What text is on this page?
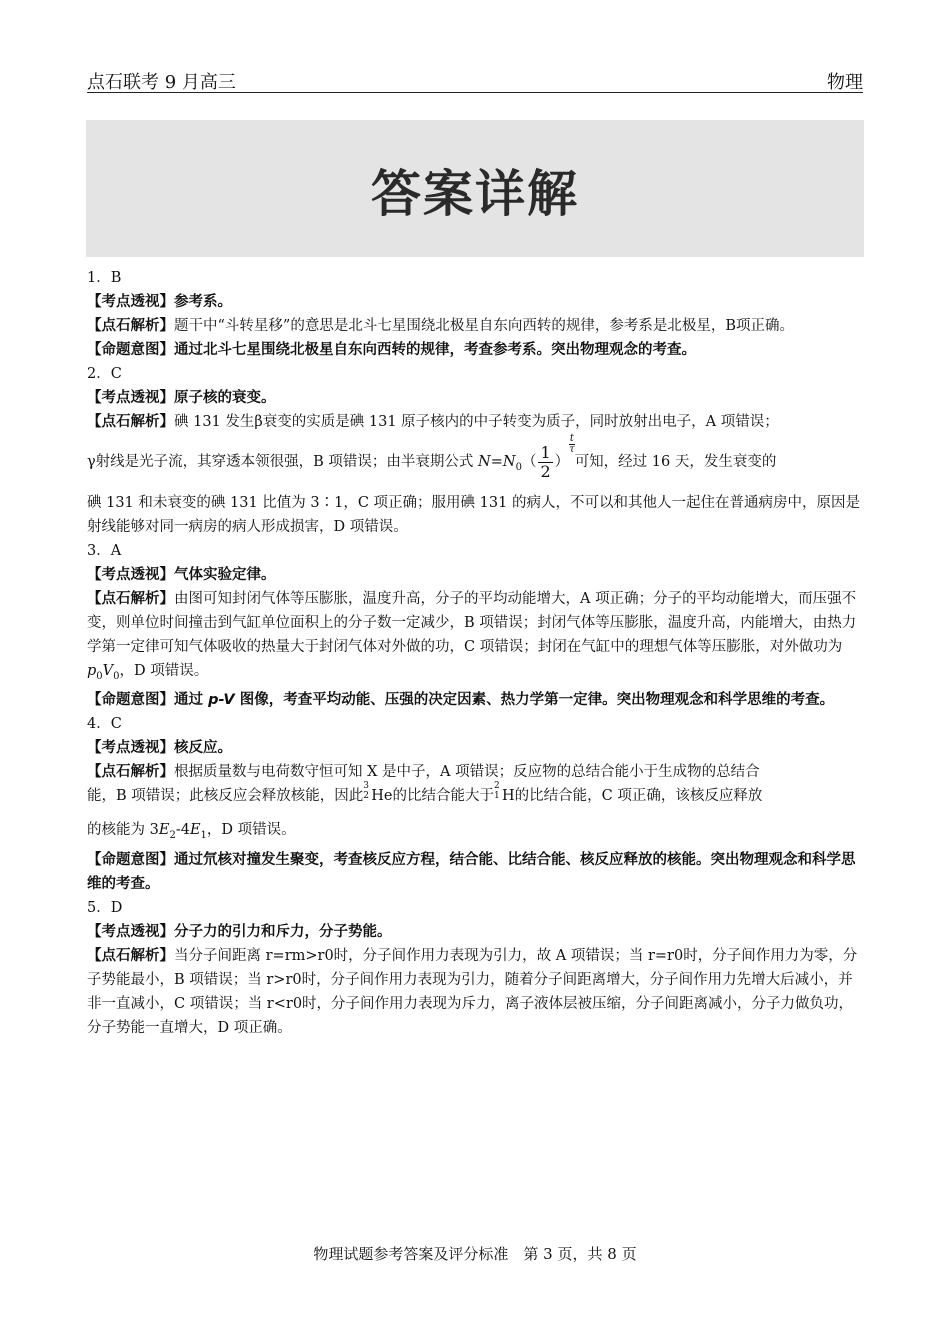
点石联考 9 月高三	物理
答案详解

1．B

【考点透视】参考系。

【点石解析】题干中“斗转星移”的意思是北斗七星围绕北极星自东向西转的规律，参考系是北极星，B项正确。

【命题意图】通过北斗七星围绕北极星自东向西转的规律，考查参考系。突出物理观念的考查。

2．C

【考点透视】原子核的衰变。

【点石解析】碘 131 发生β衰变的实质是碘 131 原子核内的中子转变为质子，同时放射出电子，A 项错误；

γ射线是光子流，其穿透本领很强，B 项错误；由半衰期公式 $N=N_0( \frac{1}{2}$ ）
$^{\frac{t}{\tau}}$
可知，经过 16 天，发生衰变的

碘 131 和未衰变的碘 131 比值为 3∶1，C 项正确；服用碘 131 的病人，不可以和其他人一起住在普通病房中，原因是射线能够对同一病房的病人形成损害，D 项错误。

3．A

【考点透视】气体实验定律。

【点石解析】由图可知封闭气体等压膨胀，温度升高，分子的平均动能增大，A 项正确；分子的平均动能增大，而压强不变，则单位时间撞击到气缸单位面积上的分子数一定减少，B 项错误；封闭气体等压膨胀，温度升高，内能增大，由热力学第一定律可知气体吸收的热量大于封闭气体对外做的功，C 项错误；封闭在气缸中的理想气体等压膨胀，对外做功为 $p_0V_0$，D 项错误。

【命题意图】通过 p-V 图像，考查平均动能、压强的决定因素、热力学第一定律。突出物理观念和科学思维的考查。

4．C

【考点透视】核反应。

【点石解析】根据质量数与电荷数守恒可知 X 是中子，A 项错误；反应物的总结合能小于生成物的总结合

能，B 项错误；此核反应会释放核能，因此
3
2 He的比结合能大于
2
1 H的比结合能，C 项正确，该核反应释放

的核能为 $3E_2-4E_1$，D 项错误。

【命题意图】通过氘核对撞发生聚变，考查核反应方程，结合能、比结合能、核反应释放的核能。突出物理观念和科学思维的考查。

5．D

【考点透视】分子力的引力和斥力，分子势能。

【点石解析】当分子间距离 r=rm>r0时，分子间作用力表现为引力，故 A 项错误；当 r=r0时，分子间作用力为零，分子势能最小，B 项错误；当 r>r0时，分子间作用力表现为引力，随着分子间距离增大，分子间作用力先增大后减小，并非一直减小，C 项错误；当 r<r0时，分子间作用力表现为斥力，离子液体层被压缩，分子间距离减小，分子力做负功，分子势能一直增大，D 项正确。

物理试题参考答案及评分标准　第 3 页，共 8 页
